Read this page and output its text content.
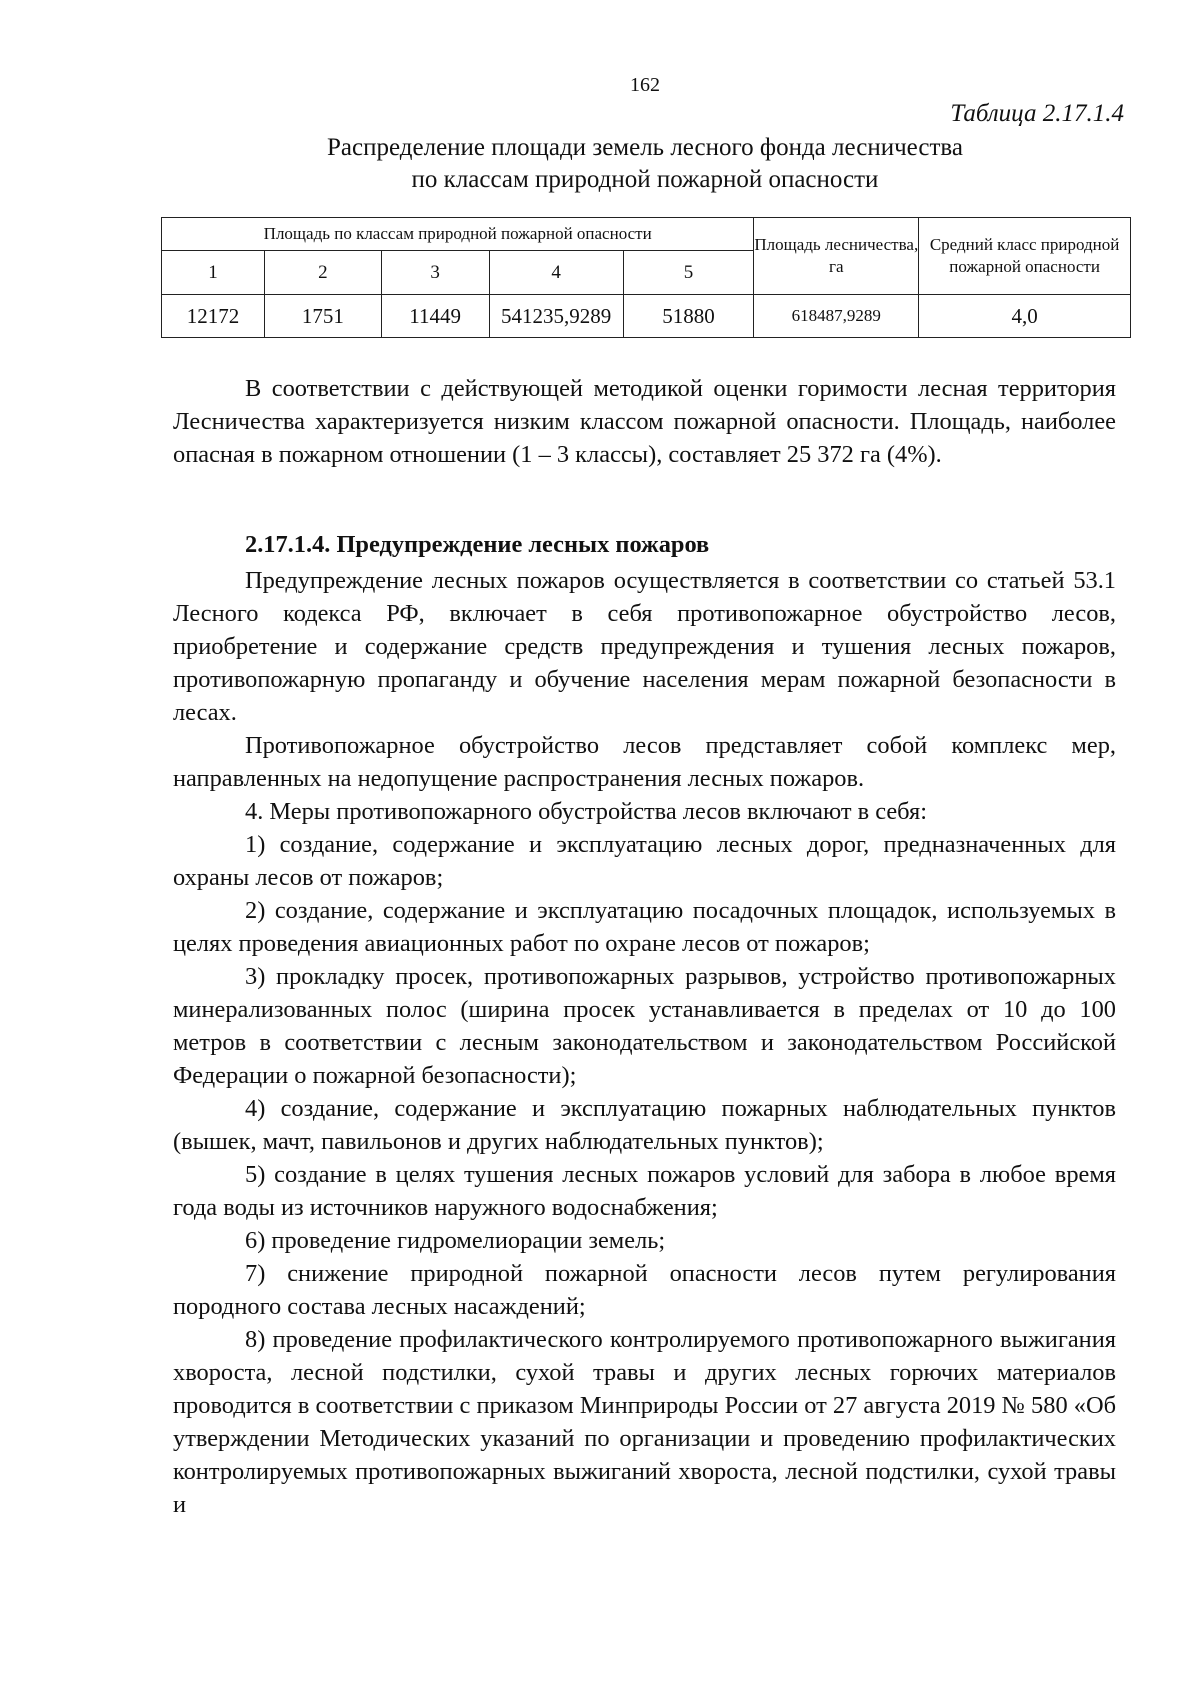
162
Таблица 2.17.1.4
Распределение площади земель лесного фонда лесничества
по классам природной пожарной опасности
Площадь по классам природной пожарной опасности					Площадь лесничества, га	Средний класс природной пожарной опасности
1	2	3	4	5		
12172	1751	11449	541235,9289	51880	618487,9289	4,0

В соответствии с действующей методикой оценки горимости лесная территория Лесничества характеризуется низким классом пожарной опасности. Площадь, наиболее опасная в пожарном отношении (1 – 3 классы), составляет 25 372 га (4%).

2.17.1.4. Предупреждение лесных пожаров

Предупреждение лесных пожаров осуществляется в соответствии со статьей 53.1 Лесного кодекса РФ, включает в себя противопожарное обустройство лесов, приобретение и содержание средств предупреждения и тушения лесных пожаров, противопожарную пропаганду и обучение населения мерам пожарной безопасности в лесах.

Противопожарное обустройство лесов представляет собой комплекс мер, направленных на недопущение распространения лесных пожаров.

4. Меры противопожарного обустройства лесов включают в себя:

1) создание, содержание и эксплуатацию лесных дорог, предназначенных для охраны лесов от пожаров;

2) создание, содержание и эксплуатацию посадочных площадок, используемых в целях проведения авиационных работ по охране лесов от пожаров;

3) прокладку просек, противопожарных разрывов, устройство противопожарных минерализованных полос (ширина просек устанавливается в пределах от 10 до 100 метров в соответствии с лесным законодательством и законодательством Российской Федерации о пожарной безопасности);

4) создание, содержание и эксплуатацию пожарных наблюдательных пунктов (вышек, мачт, павильонов и других наблюдательных пунктов);

5) создание в целях тушения лесных пожаров условий для забора в любое время года воды из источников наружного водоснабжения;

6) проведение гидромелиорации земель;

7) снижение природной пожарной опасности лесов путем регулирования породного состава лесных насаждений;

8) проведение профилактического контролируемого противопожарного выжигания хвороста, лесной подстилки, сухой травы и других лесных горючих материалов проводится в соответствии с приказом Минприроды России от 27 августа 2019 № 580 «Об утверждении Методических указаний по организации и проведению профилактических контролируемых противопожарных выжиганий хвороста, лесной подстилки, сухой травы и
